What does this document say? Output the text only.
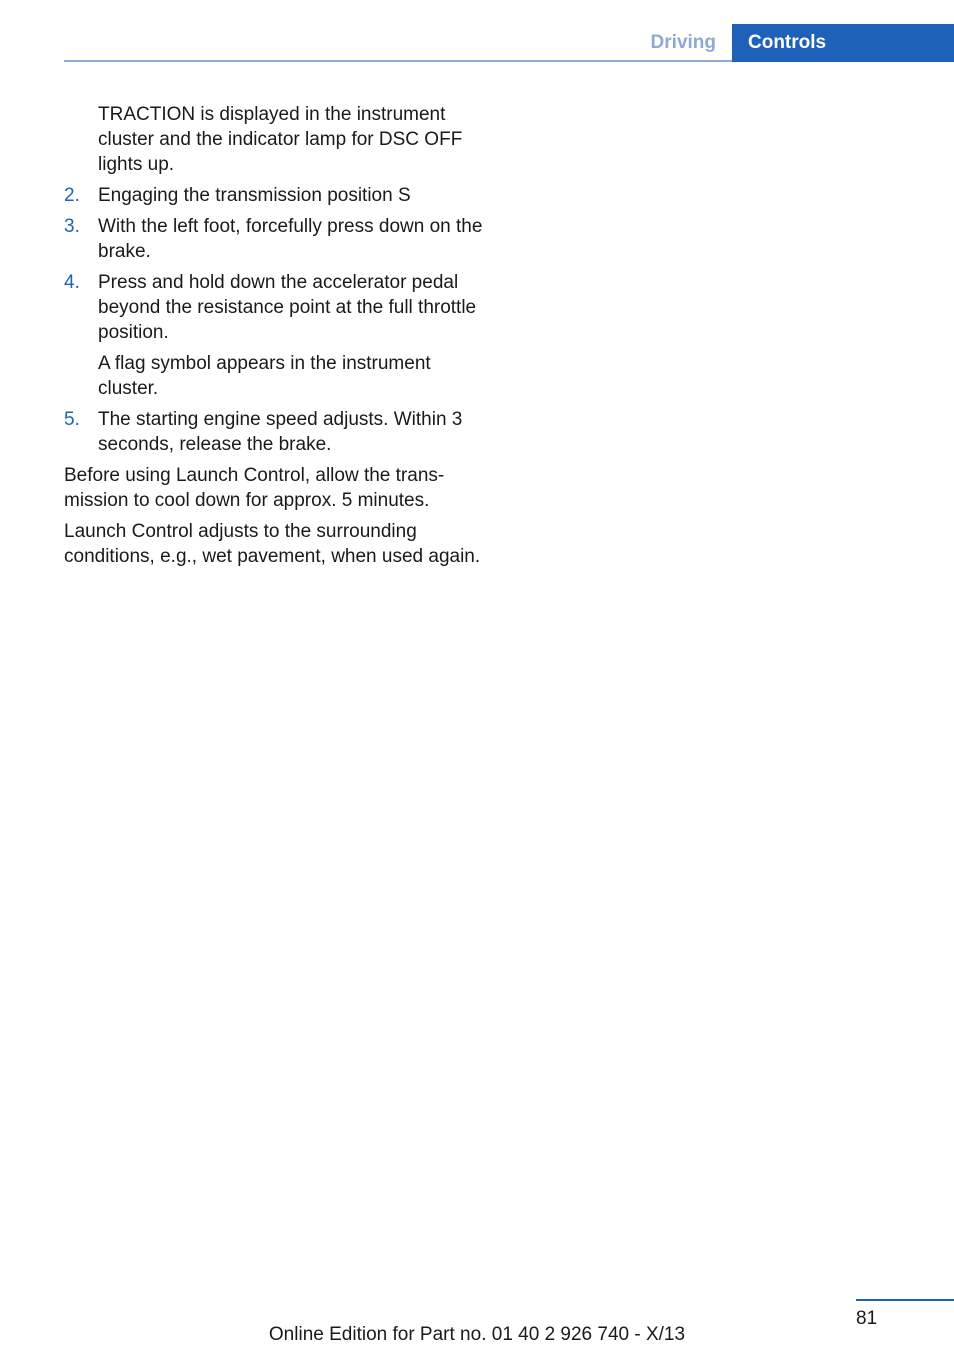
Driving	Controls

TRACTION is displayed in the instrument cluster and the indicator lamp for DSC OFF lights up.

2. Engaging the transmission position S
3. With the left foot, forcefully press down on the brake.
4. Press and hold down the accelerator pedal beyond the resistance point at the full throttle position.

A flag symbol appears in the instrument cluster.

5. The starting engine speed adjusts. Within 3 seconds, release the brake.

Before using Launch Control, allow the trans‐ mission to cool down for approx. 5 minutes.

Launch Control adjusts to the surrounding conditions, e.g., wet pavement, when used again.

81
Online Edition for Part no. 01 40 2 926 740 - X/13
